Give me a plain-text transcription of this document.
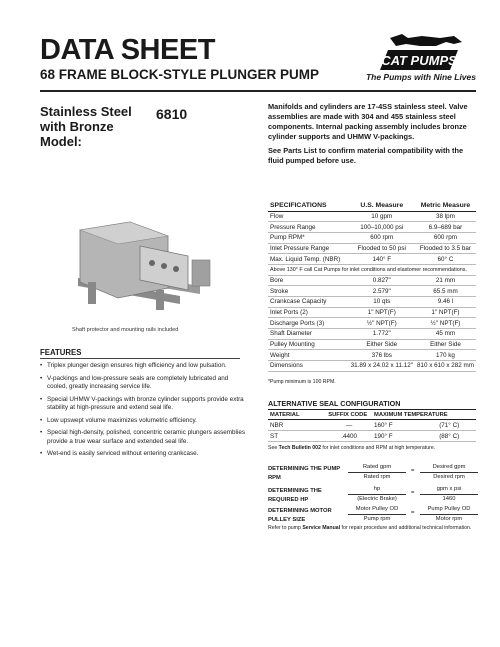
DATA SHEET
68 FRAME BLOCK-STYLE PLUNGER PUMP
CAT PUMPS
The Pumps with Nine Lives
Stainless Steel with Bronze Model:
6810	Manifolds and cylinders are 17-4SS stainless steel. Valve assemblies are made with 304 and 455 stainless steel components. Internal packing assembly includes bronze cylinder supports and UHMW V-packings.

See Parts List to confirm material compatibility with the fluid pumped before use.

Shaft protector and mounting rails included
FEATURES
• Triplex plunger design ensures high efficiency and low pulsation.
• V-packings and low-pressure seals are completely lubricated and cooled, greatly increasing service life.
• Special UHMW V-packings with bronze cylinder supports provide extra stability at high-pressure and extend seal life.
• Low upswept volume maximizes volumetric efficiency.
• Special high-density, polished, concentric ceramic plungers assemblies provide a true wear surface and extended seal life.
• Wet-end is easily serviced without entering crankcase.
SPECIFICATIONS	U.S. Measure	Metric Measure
Flow	10 gpm	38 lpm
Pressure Range	100–10,000 psi	6.9–689 bar
Pump RPM*	600 rpm	600 rpm
Inlet Pressure Range	Flooded to 50 psi	Flooded to 3.5 bar
Max. Liquid Temp. (NBR)	140° F	60° C
Above 130° F call Cat Pumps for inlet conditions and elastomer recommendations.		
Bore	0.827"	21 mm
Stroke	2.579"	65.5 mm
Crankcase Capacity	10 qts	9.46 l
Inlet Ports (2)	1" NPT(F)	1" NPT(F)
Discharge Ports (3)	½" NPT(F)	½" NPT(F)
Shaft Diameter	1.772"	45 mm
Pulley Mounting	Either Side	Either Side
Weight	376 lbs	170 kg
Dimensions	31.89 x 24.02 x 11.12"	810 x 610 x 282 mm
*Pump minimum is 100 RPM.
ALTERNATIVE SEAL CONFIGURATION
MATERIAL	SUFFIX CODE	MAXIMUM TEMPERATURE	
NBR	—	160° F	(71° C)
ST	.4400	190° F	(88° C)
See Tech Bulletin 002 for inlet conditions and RPM at high temperature.
DETERMINING THE PUMP RPM
Rated gpm
Rated rpm
=
Desired gpm
Desired rpm
DETERMINING THE REQUIRED HP
hp
(Electric Brake)
=
gpm x psi
1460
DETERMINING MOTOR PULLEY SIZE
Motor Pulley OD
Pump rpm
=
Pump Pulley OD
Motor rpm
Refer to pump Service Manual for repair procedure and additional technical information.
